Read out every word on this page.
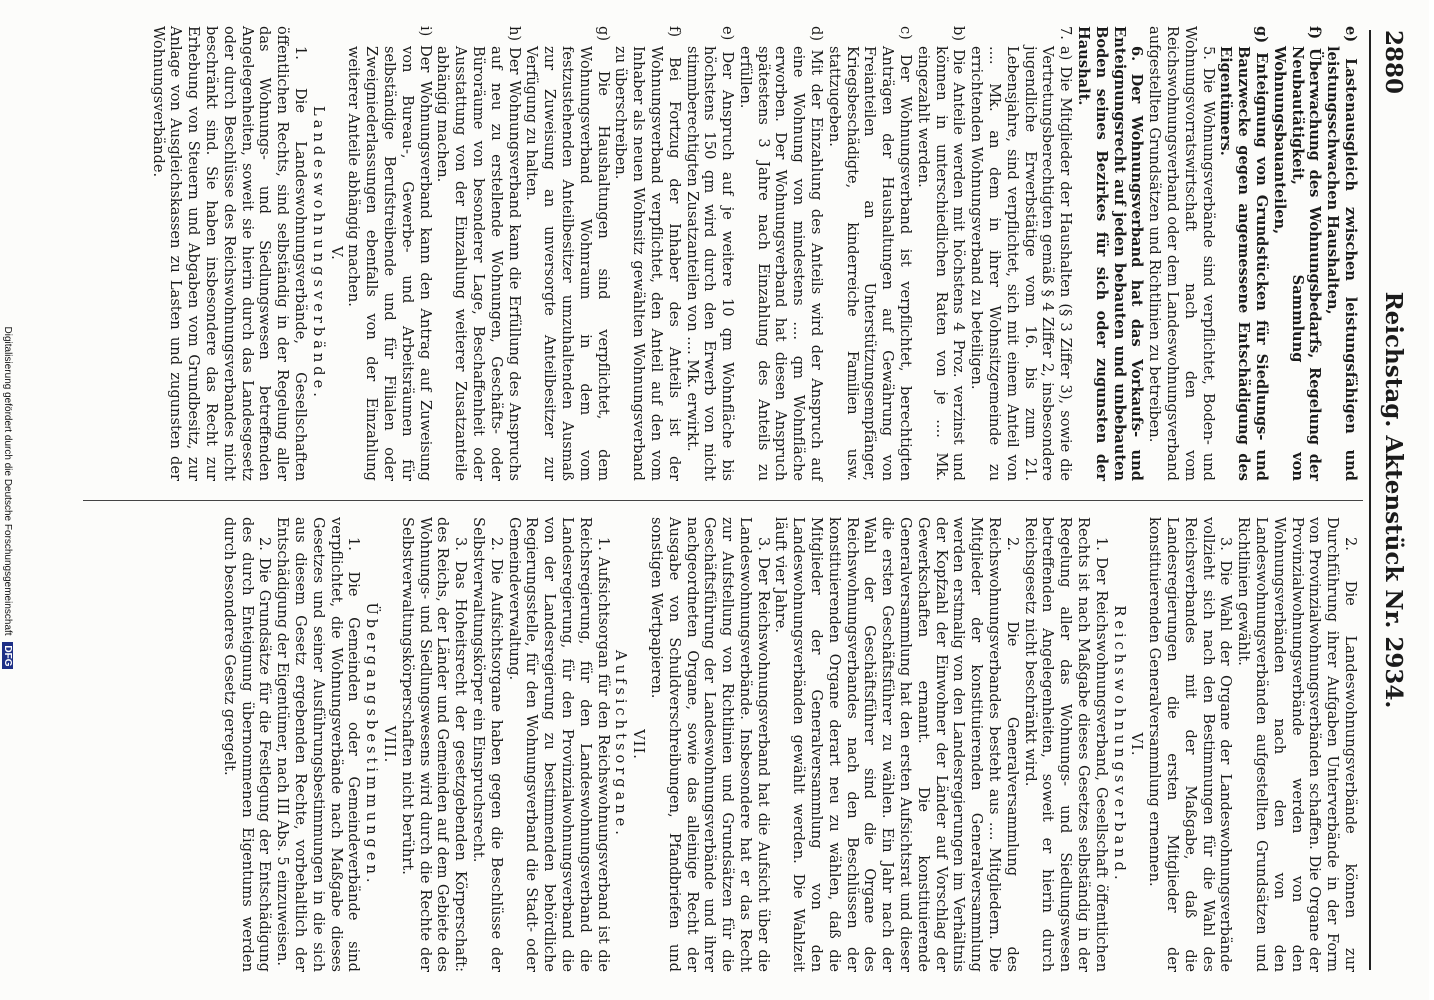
2880
Reichstag. Aktenstück Nr. 2934.

e) Lastenausgleich zwischen leistungsfähigen und leistungsschwachen Haushalten,

f) Überwachung des Wohnungsbedarfs, Regelung der Neubautätigkeit, Sammlung von Wohnungsbauanteilen,

g) Enteignung von Grundstücken für Siedlungs- und Bauzwecke gegen angemessene Entschädigung des Eigentümers.

5. Die Wohnungsverbände sind verpflichtet, Boden- und Wohnungsvorratswirtschaft nach den vom Reichswohnungsverband oder dem Landeswohnungsverband aufgestellten Grundsätzen und Richtlinien zu betreiben.

6. Der Wohnungsverband hat das Vorkaufs- und Enteignungsrecht auf jeden bebauten und unbebauten Boden seines Bezirkes für sich oder zugunsten der Haushalt.

7. a) Die Mitglieder der Haushalten (§ 3 Ziffer 3), sowie die Vertretungsberechtigten gemäß § 4 Ziffer 2, insbesondere jugendliche Erwerbstätige vom 16. bis zum 21. Lebensjahre, sind verpflichtet, sich mit einem Anteil von .... Mk. an dem in ihrer Wohnsitzgemeinde zu errichtenden Wohnungsverband zu beteiligen.

b) Die Anteile werden mit höchstens 4 Proz. verzinst und können in unterschiedlichen Raten von je .... Mk. eingezahlt werden.

c) Der Wohnungsverband ist verpflichtet, berechtigten Anträgen der Haushaltungen auf Gewährung von Freianteilen an Unterstützungsempfänger, Kriegsbeschädigte, kinderreiche Familien usw. stattzugeben.

d) Mit der Einzahlung des Anteils wird der Anspruch auf eine Wohnung von mindestens .... qm Wohnfläche erworben. Der Wohnungsverband hat diesen Anspruch spätestens 3 Jahre nach Einzahlung des Anteils zu erfüllen.

e) Der Anspruch auf je weitere 10 qm Wohnfläche bis höchstens 150 qm wird durch den Erwerb von nicht stimmberechtigten Zusatzanteilen von .... Mk. erwirkt.

f) Bei Fortzug der Inhaber des Anteils ist der Wohnungsverband verpflichtet, den Anteil auf den vom Inhaber als neuen Wohnsitz gewählten Wohnungsverband zu überschreiben.

g) Die Haushaltungen sind verpflichtet, dem Wohnungsverband Wohnraum in dem vom festzustehenden Anteilbesitzer umzuhaltenden Ausmaß zur Zuweisung an unversorgte Anteilbesitzer zur Verfügung zu halten.

h) Der Wohnungsverband kann die Erfüllung des Anspruchs auf neu zu erstellende Wohnungen, Geschäfts- oder Büroräume von besonderer Lage, Beschaffenheit oder Ausstattung von der Einzahlung weiterer Zusatzanteile abhängig machen.

i) Der Wohnungsverband kann den Antrag auf Zuweisung von Bureau-, Gewerbe- und Arbeitsräumen für selbständige Berufstreibende und für Filialen oder Zweigniederlassungen ebenfalls von der Einzahlung weiterer Anteile abhängig machen.

V.

Landeswohnungsverbände.

1. Die Landeswohnungsverbände, Gesellschaften öffentlichen Rechts, sind selbständig in der Regelung aller das Wohnungs- und Siedlungswesen betreffenden Angelegenheiten, soweit sie hierin durch das Landesgesetz oder durch Beschlüsse des Reichswohnungsverbandes nicht beschränkt sind. Sie haben insbesondere das Recht zur Erhebung von Steuern und Abgaben vom Grundbesitz, zur Anlage von Ausgleichskassen zu Lasten und zugunsten der Wohnungsverbände.

2. Die Landeswohnungsverbände können zur Durchführung ihrer Aufgaben Unterverbände in der Form von Provinzialwohnungsverbänden schaffen. Die Organe der Provinzialwohnungsverbände werden von den Wohnungsverbänden nach den von den Landeswohnungsverbänden aufgestellten Grundsätzen und Richtlinien gewählt.

3. Die Wahl der Organe der Landeswohnungsverbände vollzieht sich nach den Bestimmungen für die Wahl des Reichsverbandes mit der Maßgabe, daß die Landesregierungen die ersten Mitglieder der konstituierenden Generalversammlung ernennen.

VI.

Reichswohnungsverband.

1. Der Reichswohnungsverband, Gesellschaft öffentlichen Rechts ist nach Maßgabe dieses Gesetzes selbständig in der Regelung aller das Wohnungs- und Siedlungswesen betreffenden Angelegenheiten, soweit er hierin durch Reichsgesetz nicht beschränkt wird.

2. Die Generalversammlung des Reichswohnungsverbandes besteht aus .... Mitgliedern. Die Mitglieder der konstituierenden Generalversammlung werden erstmalig von den Landesregierungen im Verhältnis der Kopfzahl der Einwohner der Länder auf Vorschlag der Gewerkschaften ernannt. Die konstituierende Generalversammlung hat den ersten Aufsichtsrat und dieser die ersten Geschäftsführer zu wählen. Ein Jahr nach der Wahl der Geschäftsführer sind die Organe des Reichswohnungsverbandes nach den Beschlüssen der konstituierenden Organe derart neu zu wählen, daß die Mitglieder der Generalversammlung von den Landeswohnungsverbänden gewählt werden. Die Wahlzeit läuft vier Jahre.

3. Der Reichswohnungsverband hat die Aufsicht über die Landeswohnungsverbände. Insbesondere hat er das Recht zur Aufstellung von Richtlinien und Grundsätzen für die Geschäftsführung der Landeswohnungsverbände und ihrer nachgeordneten Organe, sowie das alleinige Recht der Ausgabe von Schuldverschreibungen, Pfandbriefen und sonstigen Wertpapieren.

VII.

Aufsichtsorgane.

1. Aufsichtsorgan für den Reichswohnungsverband ist die Reichsregierung, für den Landeswohnungsverband die Landesregierung, für den Provinzialwohnungsverband die von der Landesregierung zu bestimmenden behördliche Regierungsstelle, für den Wohnungsverband die Stadt- oder Gemeindeverwaltung.

2. Die Aufsichtsorgane haben gegen die Beschlüsse der Selbstverwaltungskörper ein Einspruchsrecht.

3. Das Hoheitsrecht der gesetzgebenden Körperschaft: des Reichs, der Länder und Gemeinden auf dem Gebiete des Wohnungs- und Siedlungswesens wird durch die Rechte der Selbstverwaltungskörperschaften nicht berührt.

VIII.

Übergangsbestimmungen.

1. Die Gemeinden oder Gemeindeverbände sind verpflichtet, die Wohnungsverbände nach Maßgabe dieses Gesetzes und seiner Ausführungsbestimmungen in die sich aus diesem Gesetz ergebenden Rechte, vorbehaltlich der Entschädigung der Eigentümer, nach III Abs. 5 einzuweisen.

2. Die Grundsätze für die Festlegung der Entschädigung des durch Enteignung übernommenen Eigentums werden durch besonderes Gesetz geregelt.

Digitalisierung gefördert durch die Deutsche Forschungsgemeinschaft DFG
